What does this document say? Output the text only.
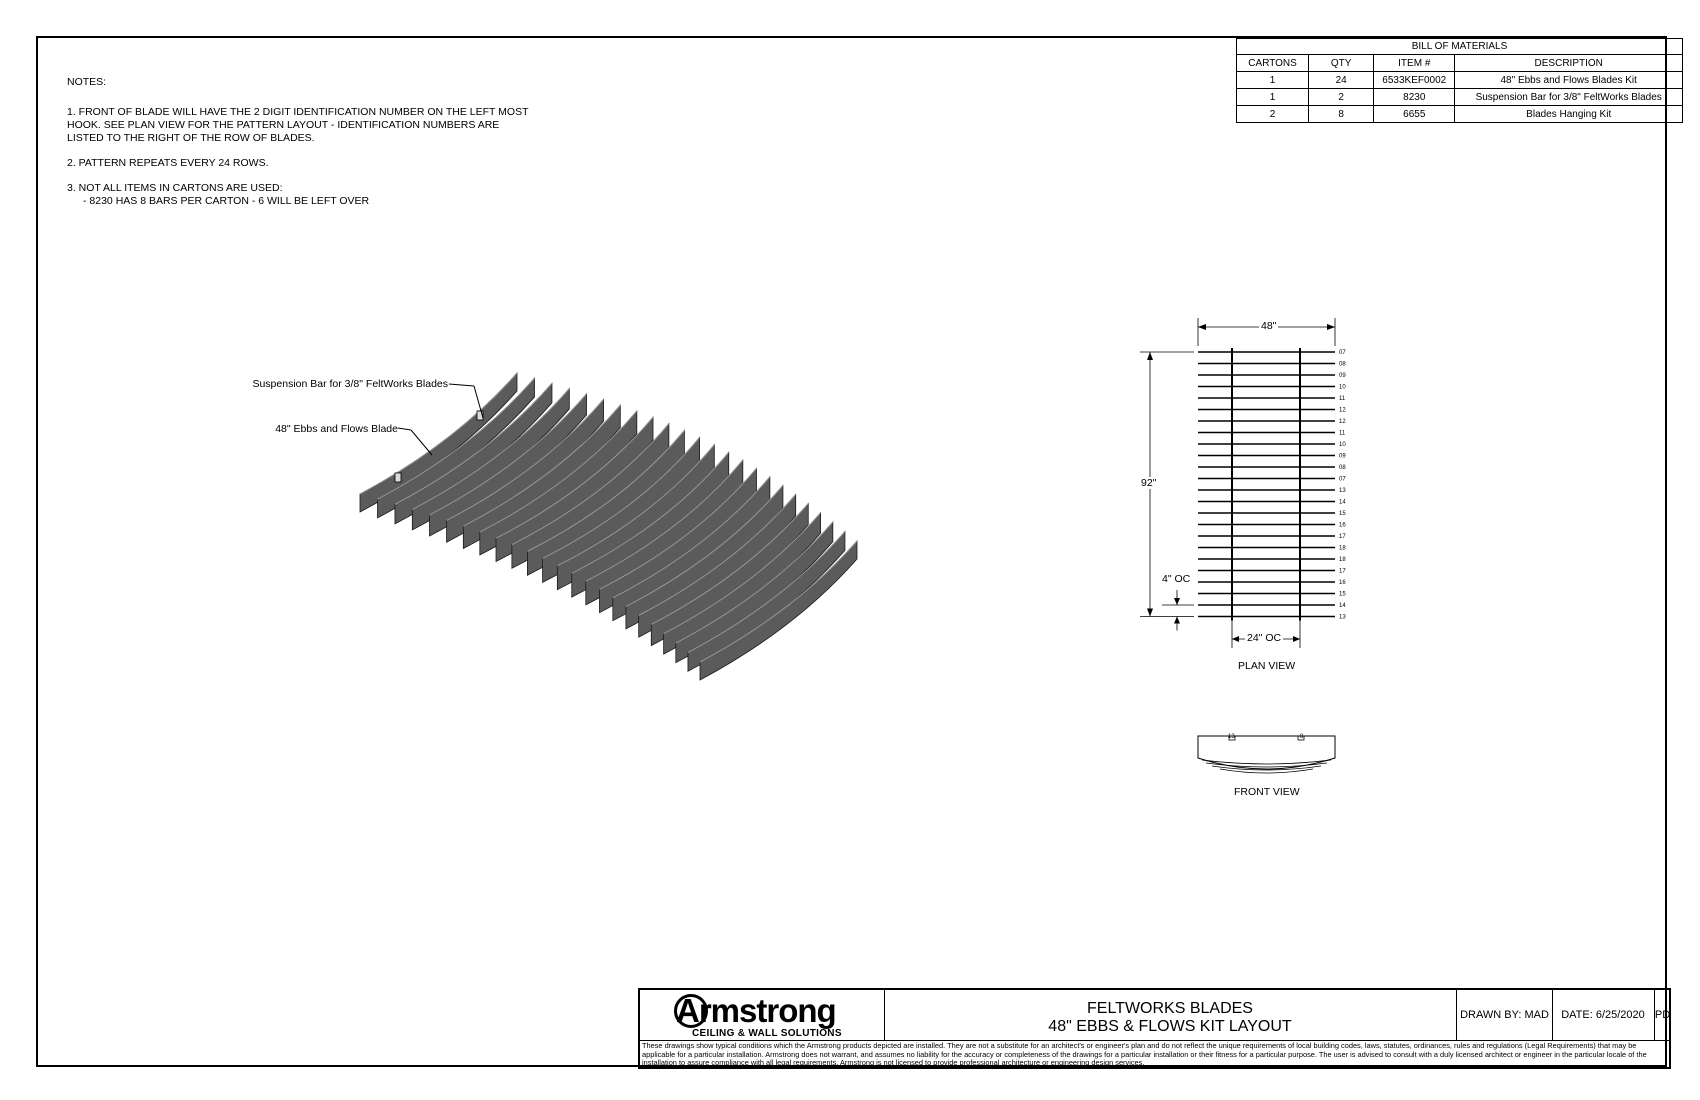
NOTES:

1. FRONT OF BLADE WILL HAVE THE 2 DIGIT IDENTIFICATION NUMBER ON THE LEFT MOST HOOK. SEE PLAN VIEW FOR THE PATTERN LAYOUT - IDENTIFICATION NUMBERS ARE LISTED TO THE RIGHT OF THE ROW OF BLADES.

2. PATTERN REPEATS EVERY 24 ROWS.

3. NOT ALL ITEMS IN CARTONS ARE USED:
- 8230 HAS 8 BARS PER CARTON - 6 WILL BE LEFT OVER

BILL OF MATERIALS			
CARTONS	QTY	ITEM #	DESCRIPTION
1	24	6533KEF0002	48" Ebbs and Flows Blades Kit
1	2	8230	Suspension Bar for 3/8" FeltWorks Blades
2	8	6655	Blades Hanging Kit
07
08
09
10
11
12
12
11
10
09
08
07
13
14
15
16
17
18
18
17
16
15
14
13
Suspension Bar for 3/8" FeltWorks Blades
48" Ebbs and Flows Blade
48"
92"
4" OC
24" OC
PLAN VIEW
13	8
FRONT VIEW
Armstrong
CEILING & WALL SOLUTIONS
FELTWORKS BLADES
48" EBBS & FLOWS KIT LAYOUT
DRAWN BY: MAD	DATE: 6/25/2020 PD
These drawings show typical conditions which the Armstrong products depicted are installed. They are not a substitute for an architect's or engineer's plan and do not reflect the unique requirements of local building codes, laws, statutes, ordinances, rules and regulations (Legal Requirements) that may be applicable for a particular installation. Armstrong does not warrant, and assumes no liability for the accuracy or completeness of the drawings for a particular installation or their fitness for a particular purpose. The user is advised to consult with a duly licensed architect or engineer in the particular locale of the installation to assure compliance with all legal requirements. Armstrong is not licensed to provide professional architecture or engineering design services.
